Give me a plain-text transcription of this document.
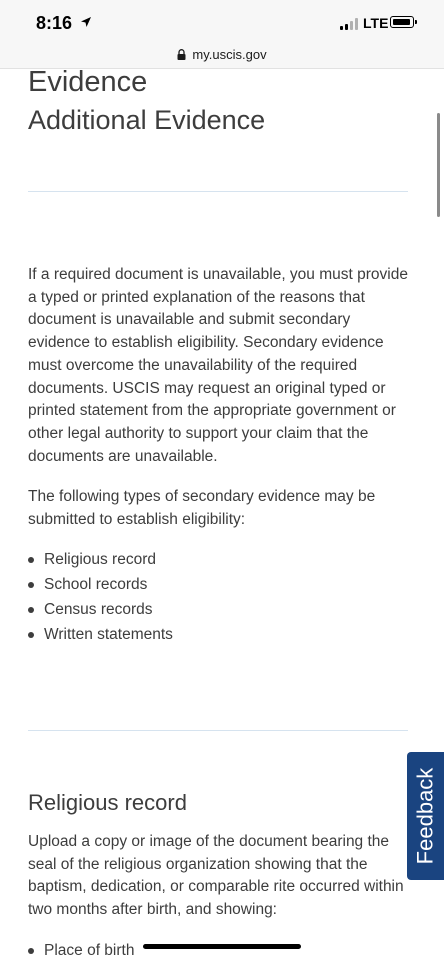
8:16	LTE
my.uscis.gov
Evidence
Additional Evidence

If a required document is unavailable, you must provide a typed or printed explanation of the reasons that document is unavailable and submit secondary evidence to establish eligibility. Secondary evidence must overcome the unavailability of the required documents. USCIS may request an original typed or printed statement from the appropriate government or other legal authority to support your claim that the documents are unavailable.

The following types of secondary evidence may be submitted to establish eligibility:

Religious record
School records
Census records
Written statements
Religious record

Upload a copy or image of the document bearing the seal of the religious organization showing that the baptism, dedication, or comparable rite occurred within two months after birth, and showing:

Place of birth
Feedback
